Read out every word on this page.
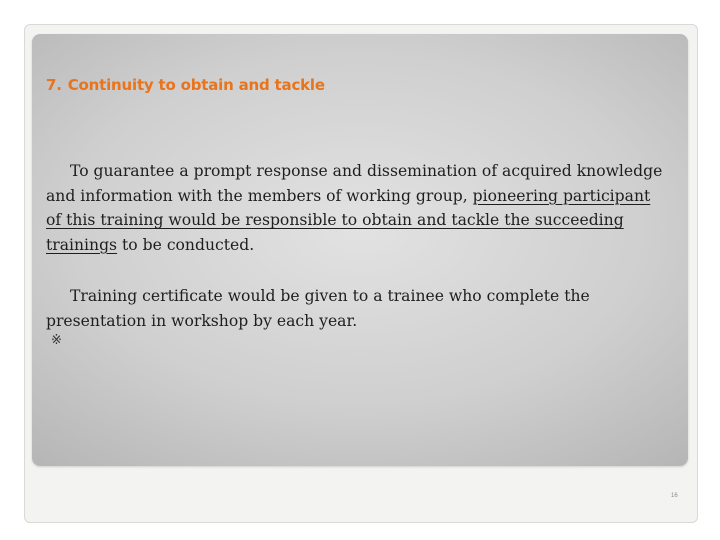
7. Continuity to obtain and tackle

To guarantee a prompt response and dissemination of acquired knowledge and information with the members of working group, pioneering participant of this training would be responsible to obtain and tackle the succeeding trainings to be conducted.

Training certificate would be given to a trainee who complete the presentation in workshop by each year.

※
16
